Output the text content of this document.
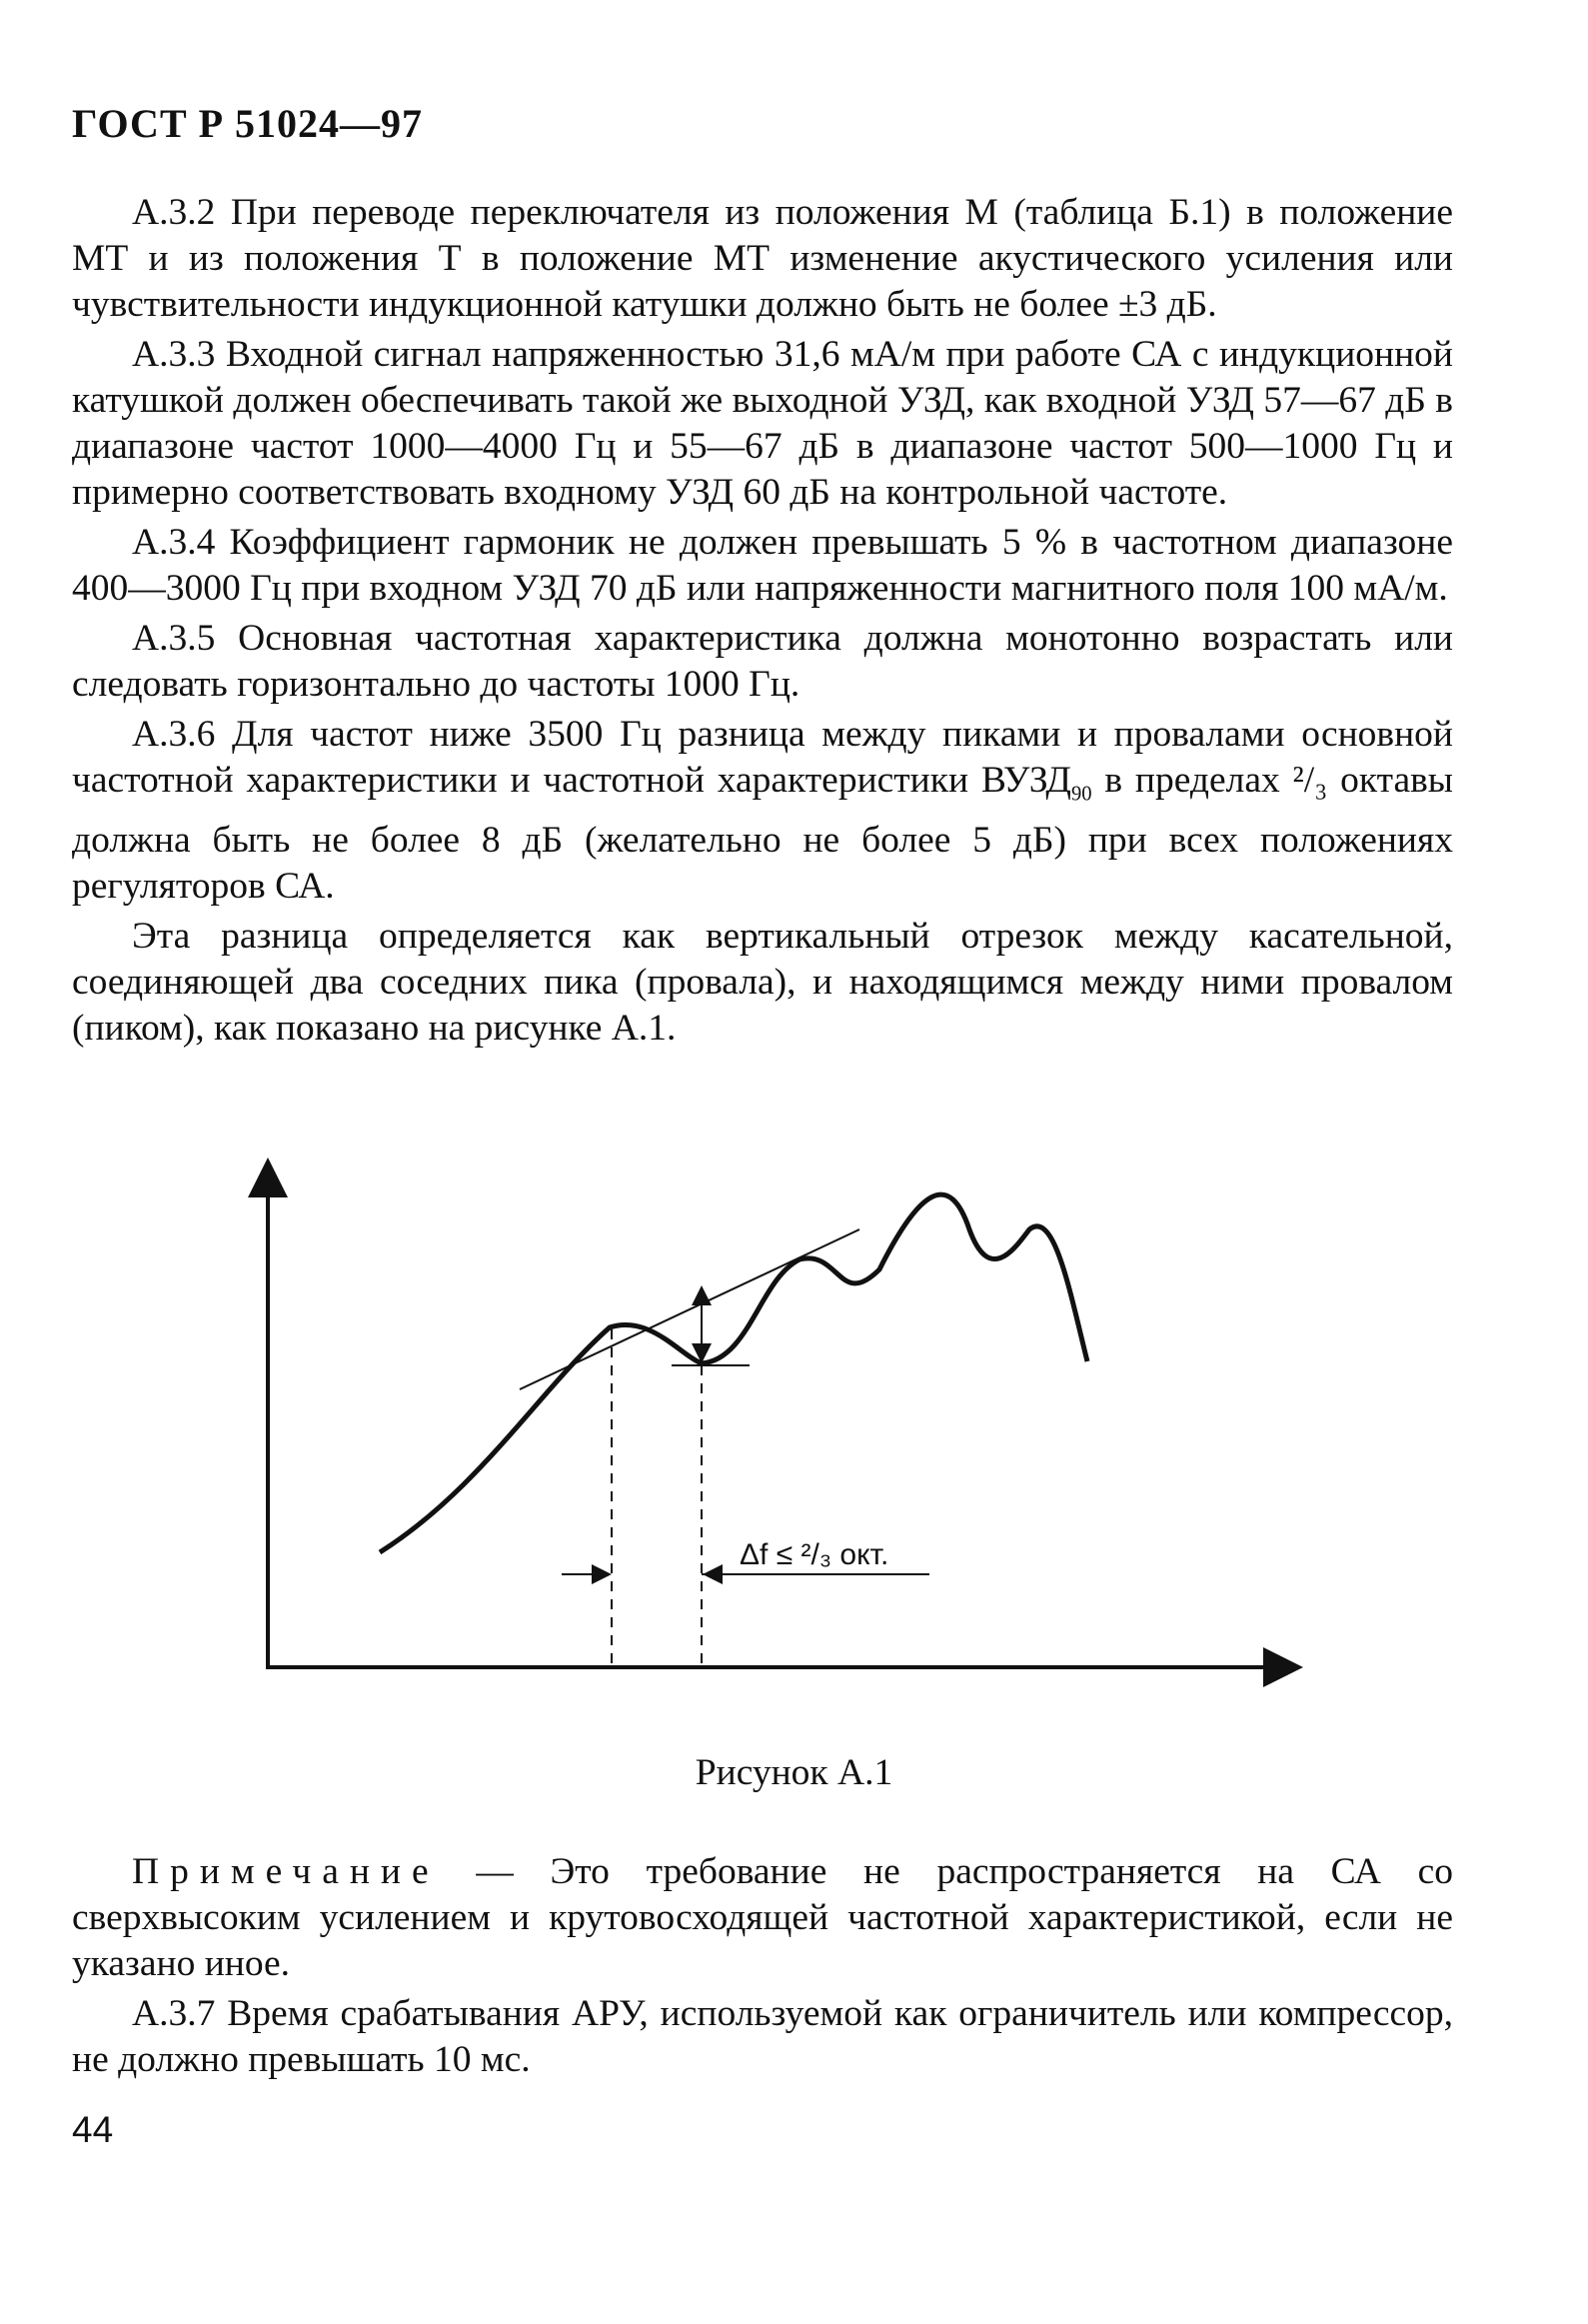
ГОСТ Р 51024—97

А.3.2 При переводе переключателя из положения М (таблица Б.1) в положение МТ и из положения Т в положение МТ изменение акустического усиления или чувствительности индукционной катушки должно быть не более ±3 дБ.

А.3.3 Входной сигнал напряженностью 31,6 мА/м при работе СА с индукционной катушкой должен обеспечивать такой же выходной УЗД, как входной УЗД 57—67 дБ в диапазоне частот 1000—4000 Гц и 55—67 дБ в диапазоне частот 500—1000 Гц и примерно соответствовать входному УЗД 60 дБ на контрольной частоте.

А.3.4 Коэффициент гармоник не должен превышать 5 % в частотном диапазоне 400—3000 Гц при входном УЗД 70 дБ или напряженности магнитного поля 100 мА/м.

А.3.5 Основная частотная характеристика должна монотонно возрастать или следовать горизонтально до частоты 1000 Гц.

А.3.6 Для частот ниже 3500 Гц разница между пиками и провалами основной частотной характеристики и частотной характеристики $ВУЗД_{90}$ в пределах ²/₃ октавы должна быть не более 8 дБ (желательно не более 5 дБ) при всех положениях регуляторов СА.

Эта разница определяется как вертикальный отрезок между касательной, соединяющей два соседних пика (провала), и находящимся между ними провалом (пиком), как показано на рисунке А.1.

Δf ≤ ²/₃ окт.
Рисунок А.1

Примечание — Это требование не распространяется на СА со сверхвысоким усилением и крутовосходящей частотной характеристикой, если не указано иное.

А.3.7 Время срабатывания АРУ, используемой как ограничитель или компрессор, не должно превышать 10 мс.

44
